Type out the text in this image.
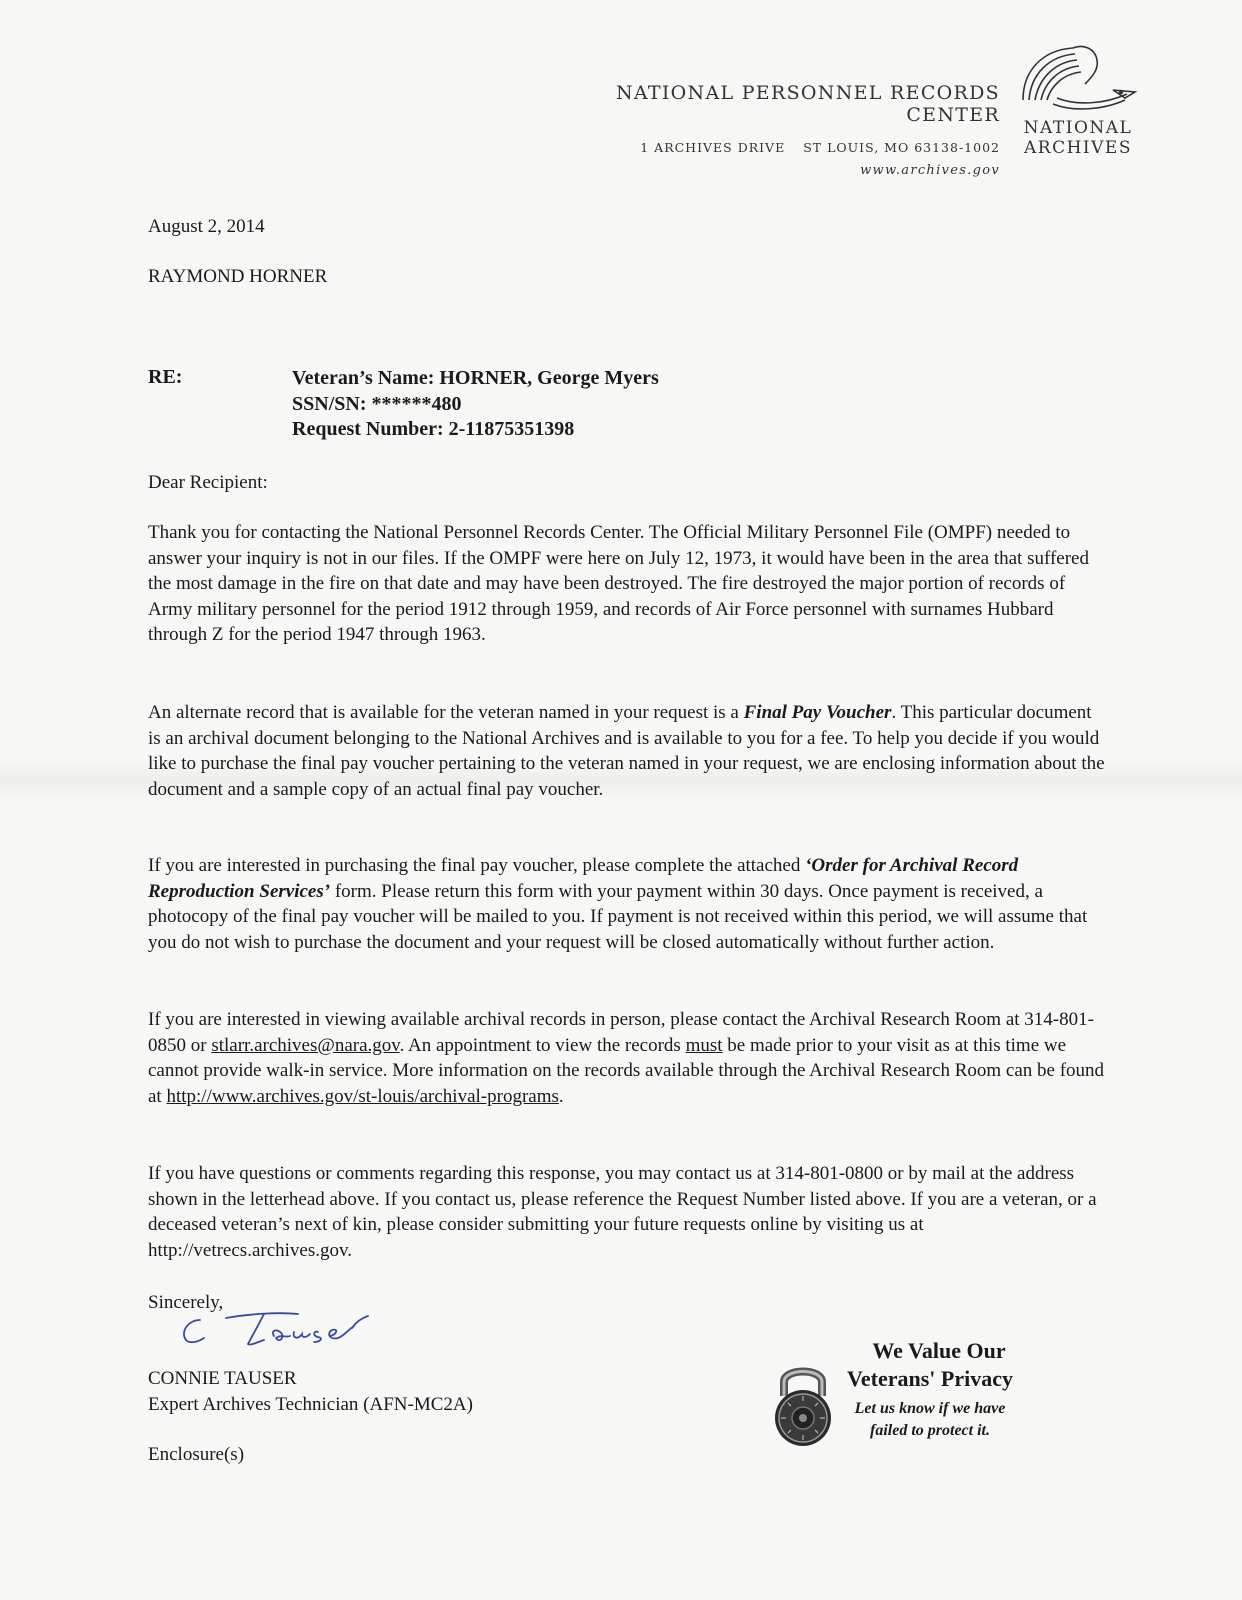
NATIONAL PERSONNEL RECORDS CENTER
1 ARCHIVES DRIVE ST LOUIS, MO 63138-1002
www.archives.gov
NATIONAL
ARCHIVES
August 2, 2014
RAYMOND HORNER
RE:	Veteran’s Name: HORNER, George Myers
SSN/SN: ******480
Request Number: 2-11875351398
Dear Recipient:

Thank you for contacting the National Personnel Records Center. The Official Military Personnel File (OMPF) needed to answer your inquiry is not in our files. If the OMPF were here on July 12, 1973, it would have been in the area that suffered the most damage in the fire on that date and may have been destroyed. The fire destroyed the major portion of records of Army military personnel for the period 1912 through 1959, and records of Air Force personnel with surnames Hubbard through Z for the period 1947 through 1963.

An alternate record that is available for the veteran named in your request is a Final Pay Voucher. This particular document is an archival document belonging to the National Archives and is available to you for a fee. To help you decide if you would like to purchase the final pay voucher pertaining to the veteran named in your request, we are enclosing information about the document and a sample copy of an actual final pay voucher.

If you are interested in purchasing the final pay voucher, please complete the attached ‘Order for Archival Record Reproduction Services’ form. Please return this form with your payment within 30 days. Once payment is received, a photocopy of the final pay voucher will be mailed to you. If payment is not received within this period, we will assume that you do not wish to purchase the document and your request will be closed automatically without further action.

If you are interested in viewing available archival records in person, please contact the Archival Research Room at 314-801-0850 or stlarr.archives@nara.gov. An appointment to view the records must be made prior to your visit as at this time we cannot provide walk-in service. More information on the records available through the Archival Research Room can be found at http://www.archives.gov/st-louis/archival-programs.

If you have questions or comments regarding this response, you may contact us at 314-801-0800 or by mail at the address shown in the letterhead above. If you contact us, please reference the Request Number listed above. If you are a veteran, or a deceased veteran’s next of kin, please consider submitting your future requests online by visiting us at http://vetrecs.archives.gov.

Sincerely,
CONNIE TAUSER
Expert Archives Technician (AFN-MC2A)
Enclosure(s)
We Value Our
Veterans' Privacy
Let us know if we have
failed to protect it.
